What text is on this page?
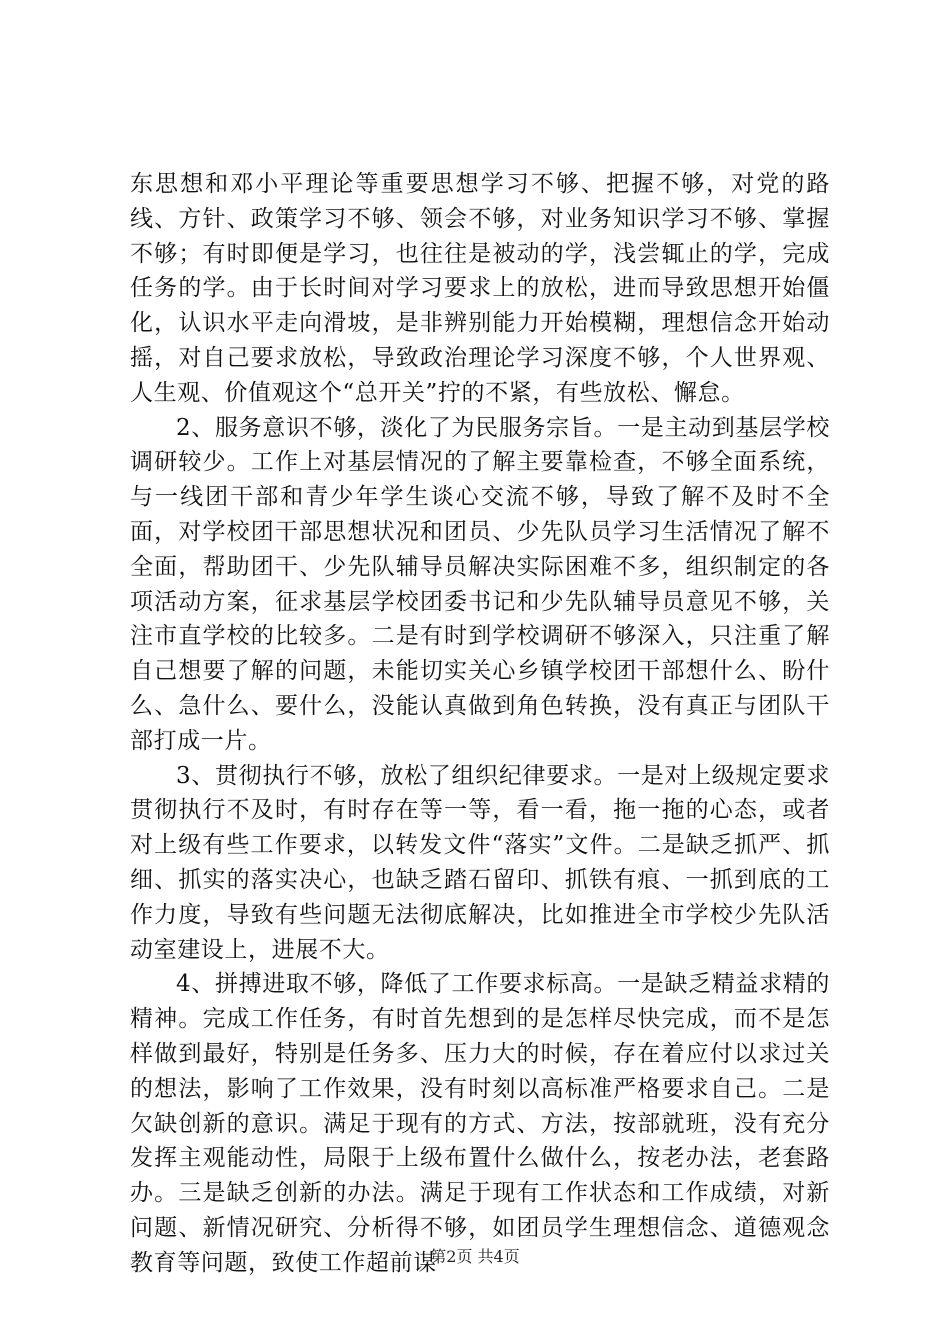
东思想和邓小平理论等重要思想学习不够、把握不够，对党的路线、方针、政策学习不够、领会不够，对业务知识学习不够、掌握不够；有时即便是学习，也往往是被动的学，浅尝辄止的学，完成任务的学。由于长时间对学习要求上的放松，进而导致思想开始僵化，认识水平走向滑坡，是非辨别能力开始模糊，理想信念开始动摇，对自己要求放松，导致政治理论学习深度不够，个人世界观、人生观、价值观这个“总开关”拧的不紧，有些放松、懈怠。

2、服务意识不够，淡化了为民服务宗旨。一是主动到基层学校调研较少。工作上对基层情况的了解主要靠检查，不够全面系统，与一线团干部和青少年学生谈心交流不够，导致了解不及时不全面，对学校团干部思想状况和团员、少先队员学习生活情况了解不全面，帮助团干、少先队辅导员解决实际困难不多，组织制定的各项活动方案，征求基层学校团委书记和少先队辅导员意见不够，关注市直学校的比较多。二是有时到学校调研不够深入，只注重了解自己想要了解的问题，未能切实关心乡镇学校团干部想什么、盼什么、急什么、要什么，没能认真做到角色转换，没有真正与团队干部打成一片。

3、贯彻执行不够，放松了组织纪律要求。一是对上级规定要求贯彻执行不及时，有时存在等一等，看一看，拖一拖的心态，或者对上级有些工作要求，以转发文件“落实”文件。二是缺乏抓严、抓细、抓实的落实决心，也缺乏踏石留印、抓铁有痕、一抓到底的工作力度，导致有些问题无法彻底解决，比如推进全市学校少先队活动室建设上，进展不大。

4、拼搏进取不够，降低了工作要求标高。一是缺乏精益求精的精神。完成工作任务，有时首先想到的是怎样尽快完成，而不是怎样做到最好，特别是任务多、压力大的时候，存在着应付以求过关的想法，影响了工作效果，没有时刻以高标准严格要求自己。二是欠缺创新的意识。满足于现有的方式、方法，按部就班，没有充分发挥主观能动性，局限于上级布置什么做什么，按老办法，老套路办。三是缺乏创新的办法。满足于现有工作状态和工作成绩，对新问题、新情况研究、分析得不够，如团员学生理想信念、道德观念教育等问题，致使工作超前谋

第2页 共4页
